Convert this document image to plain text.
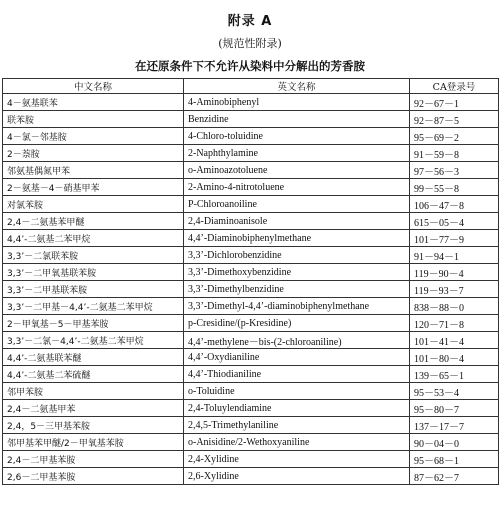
附录 A
(规范性附录)
在还原条件下不允许从染料中分解出的芳香胺
中文名称	英文名称	CA登录号
4－氨基联苯	4-Aminobiphenyl	92－67－1
联苯胺	Benzidine	92－87－5
4－氯－邻基胺	4-Chloro-toluidine	95－69－2
2－萘胺	2-Naphthylamine	91－59－8
邻氨基偶氮甲苯	o-Aminoazotoluene	97－56－3
2－氨基－4－硝基甲苯	2-Amino-4-nitrotoluene	99－55－8
对氯苯胺	P-Chloroanoiline	106－47－8
2,4－二氨基苯甲醚	2,4-Diaminoanisole	615－05－4
4,4’-二氨基二苯甲烷	4,4’-Diaminobiphenylmethane	101－77－9
3,3’－二氯联苯胺	3,3’-Dichlorobenzidine	91－94－1
3,3’－二甲氧基联苯胺	3,3’-Dimethoxybenzidine	119－90－4
3,3’－二甲基联苯胺	3,3’-Dimethylbenzidine	119－93－7
3,3’－二甲基－4,4’-二氨基二苯甲烷	3,3’-Dimethyl-4,4’-diaminobiphenylmethane	838－88－0
2－甲氧基－5－甲基苯胺	p-Cresidine/(p-Kresidine)	120－71－8
3,3’－二氯－4,4’-二氨基二苯甲烷	4,4’-methylene－bis-(2-chloroaniline)	101－41－4
4,4’-二氨基联苯醚	4,4’-Oxydianiline	101－80－4
4,4’-二氨基二苯硫醚	4,4’-Thiodianiline	139－65－1
邻甲苯胺	o-Toluidine	95－53－4
2,4－二氨基甲苯	2,4-Toluylendiamine	95－80－7
2,4，5－三甲基苯胺	2,4,5-Trimethylaniline	137－17－7
邻甲基苯甲醚/2－甲氧基苯胺	o-Anisidine/2-Wethoxyaniline	90－04－0
2,4－二甲基苯胺	2,4-Xylidine	95－68－1
2,6－二甲基苯胺	2,6-Xylidine	87－62－7
